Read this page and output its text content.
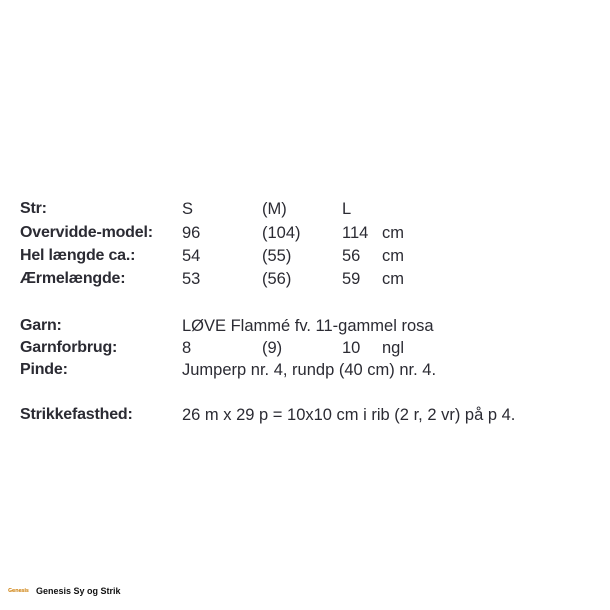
Str:	S	(M)	L
Overvidde-model: 96	(104)	114 cm
Hel længde ca.:	54	(55)	56 cm
Ærmelængde:	53	(56)	59 cm
Garn:	LØVE Flammé fv. 11-gammel rosa
Garnforbrug:	8	(9)	10 ngl
Pinde:	Jumperp nr. 4, rundp (40 cm) nr. 4.
Strikkefasthed:	26 m x 29 p = 10x10 cm i rib (2 r, 2 vr) på p 4.
Genesis Genesis Sy og Strik
